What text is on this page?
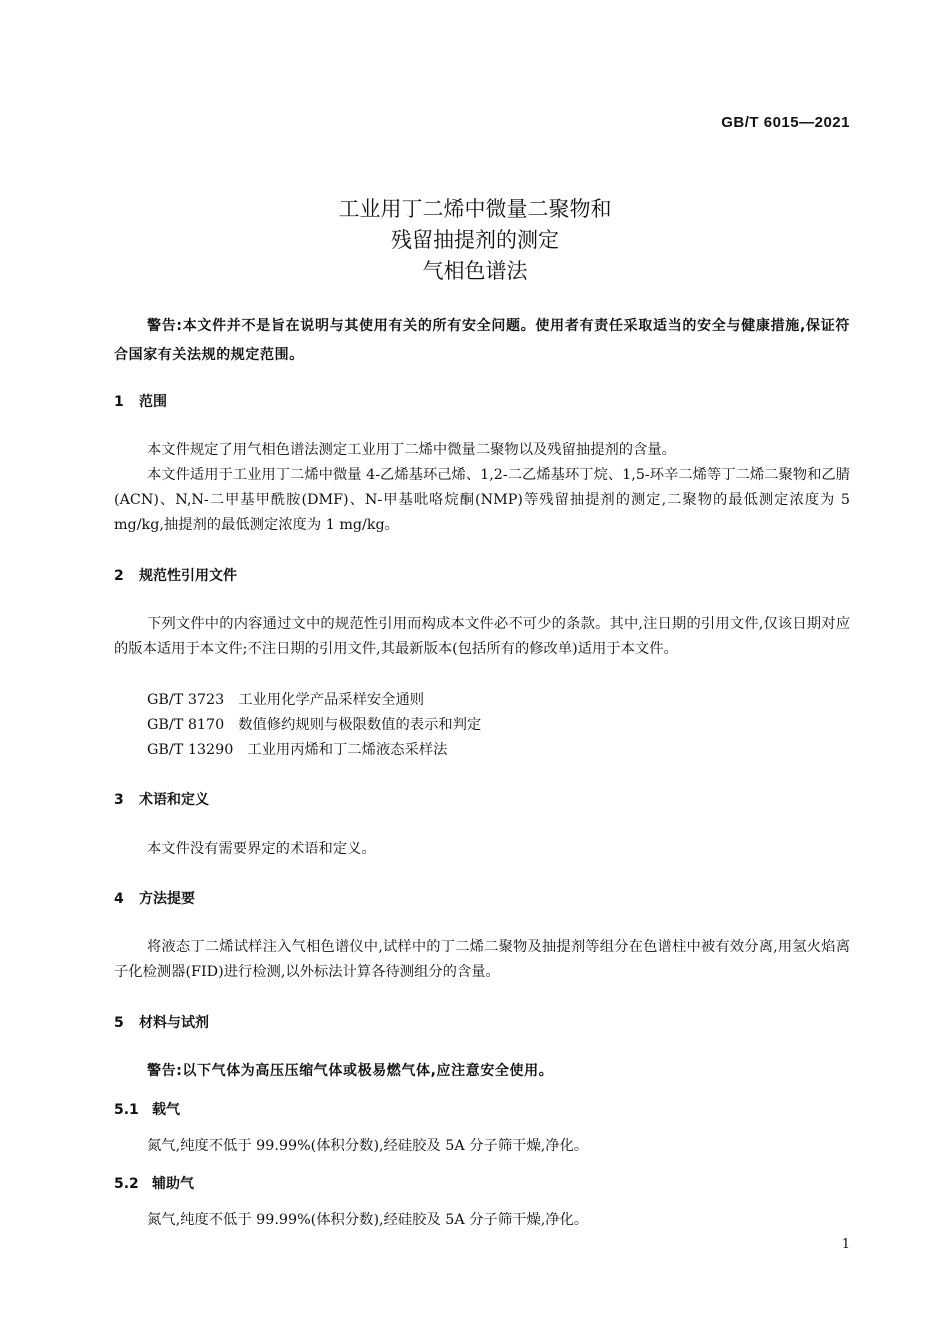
GB/T 6015—2021
工业用丁二烯中微量二聚物和
残留抽提剂的测定
气相色谱法
警告:本文件并不是旨在说明与其使用有关的所有安全问题。使用者有责任采取适当的安全与健康措施,保证符合国家有关法规的规定范围。
1 范围
本文件规定了用气相色谱法测定工业用丁二烯中微量二聚物以及残留抽提剂的含量。
本文件适用于工业用丁二烯中微量 4-乙烯基环己烯、1,2-二乙烯基环丁烷、1,5-环辛二烯等丁二烯二聚物和乙腈(ACN)、N,N-二甲基甲酰胺(DMF)、N-甲基吡咯烷酮(NMP)等残留抽提剂的测定,二聚物的最低测定浓度为 5 mg/kg,抽提剂的最低测定浓度为 1 mg/kg。
2 规范性引用文件
下列文件中的内容通过文中的规范性引用而构成本文件必不可少的条款。其中,注日期的引用文件,仅该日期对应的版本适用于本文件;不注日期的引用文件,其最新版本(包括所有的修改单)适用于本文件。
GB/T 3723 工业用化学产品采样安全通则
GB/T 8170 数值修约规则与极限数值的表示和判定
GB/T 13290 工业用丙烯和丁二烯液态采样法
3 术语和定义
本文件没有需要界定的术语和定义。
4 方法提要
将液态丁二烯试样注入气相色谱仪中,试样中的丁二烯二聚物及抽提剂等组分在色谱柱中被有效分离,用氢火焰离子化检测器(FID)进行检测,以外标法计算各待测组分的含量。
5 材料与试剂
警告:以下气体为高压压缩气体或极易燃气体,应注意安全使用。
5.1 载气
氮气,纯度不低于 99.99%(体积分数),经硅胶及 5A 分子筛干燥,净化。
5.2 辅助气
氮气,纯度不低于 99.99%(体积分数),经硅胶及 5A 分子筛干燥,净化。
1
